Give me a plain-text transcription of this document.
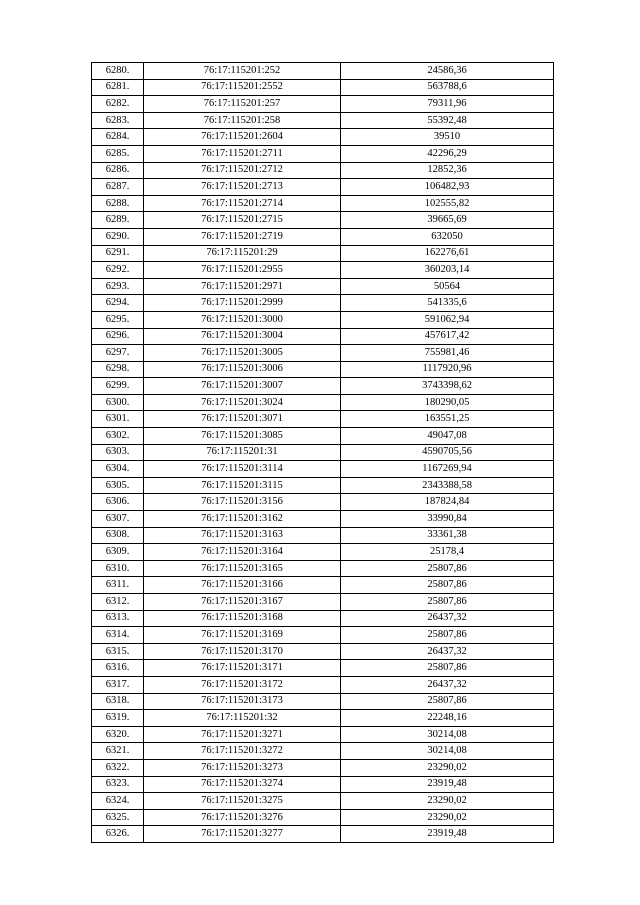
6280.	76:17:115201:252	24586,36
6281.	76:17:115201:2552	563788,6
6282.	76:17:115201:257	79311,96
6283.	76:17:115201:258	55392,48
6284.	76:17:115201:2604	39510
6285.	76:17:115201:2711	42296,29
6286.	76:17:115201:2712	12852,36
6287.	76:17:115201:2713	106482,93
6288.	76:17:115201:2714	102555,82
6289.	76:17:115201:2715	39665,69
6290.	76:17:115201:2719	632050
6291.	76:17:115201:29	162276,61
6292.	76:17:115201:2955	360203,14
6293.	76:17:115201:2971	50564
6294.	76:17:115201:2999	541335,6
6295.	76:17:115201:3000	591062,94
6296.	76:17:115201:3004	457617,42
6297.	76:17:115201:3005	755981,46
6298.	76:17:115201:3006	1117920,96
6299.	76:17:115201:3007	3743398,62
6300.	76:17:115201:3024	180290,05
6301.	76:17:115201:3071	163551,25
6302.	76:17:115201:3085	49047,08
6303.	76:17:115201:31	4590705,56
6304.	76:17:115201:3114	1167269,94
6305.	76:17:115201:3115	2343388,58
6306.	76:17:115201:3156	187824,84
6307.	76:17:115201:3162	33990,84
6308.	76:17:115201:3163	33361,38
6309.	76:17:115201:3164	25178,4
6310.	76:17:115201:3165	25807,86
6311.	76:17:115201:3166	25807,86
6312.	76:17:115201:3167	25807,86
6313.	76:17:115201:3168	26437,32
6314.	76:17:115201:3169	25807,86
6315.	76:17:115201:3170	26437,32
6316.	76:17:115201:3171	25807,86
6317.	76:17:115201:3172	26437,32
6318.	76:17:115201:3173	25807,86
6319.	76:17:115201:32	22248,16
6320.	76:17:115201:3271	30214,08
6321.	76:17:115201:3272	30214,08
6322.	76:17:115201:3273	23290,02
6323.	76:17:115201:3274	23919,48
6324.	76:17:115201:3275	23290,02
6325.	76:17:115201:3276	23290,02
6326.	76:17:115201:3277	23919,48
